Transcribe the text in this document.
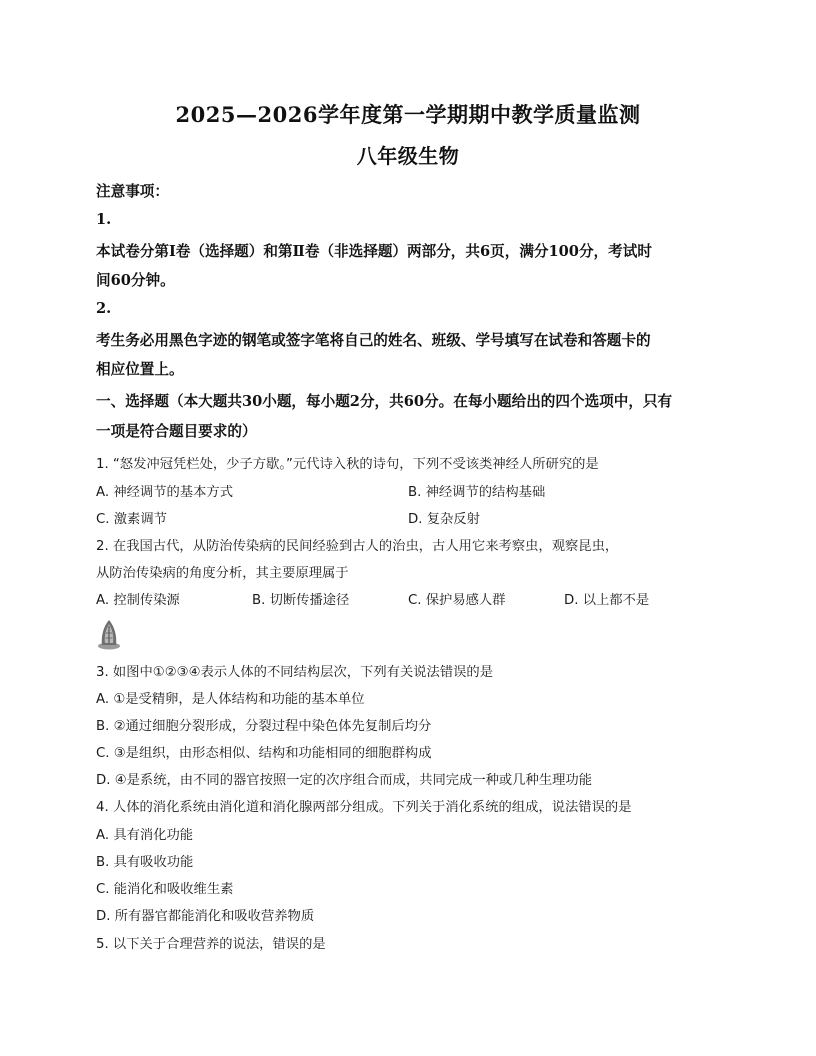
2025—2026学年度第一学期期中教学质量监测
八年级生物
注意事项：
1.
本试卷分第Ⅰ卷（选择题）和第Ⅱ卷（非选择题）两部分，共6页，满分100分，考试时
间60分钟。
2.
考生务必用黑色字迹的钢笔或签字笔将自己的姓名、班级、学号填写在试卷和答题卡的
相应位置上。
一、选择题（本大题共30小题，每小题2分，共60分。在每小题给出的四个选项中，只有
一项是符合题目要求的）
1. “怒发冲冠凭栏处，少子方歇。”元代诗入秋的诗句，下列不受该类神经人所研究的是
A. 神经调节的基本方式	B. 神经调节的结构基础
C. 激素调节	D. 复杂反射
2. 在我国古代，从防治传染病的民间经验到古人的治虫，古人用它来考察虫，观察昆虫，
从防治传染病的角度分析，其主要原理属于
A. 控制传染源	B. 切断传播途径	C. 保护易感人群	D. 以上都不是
3. 如图中①②③④表示人体的不同结构层次，下列有关说法错误的是
A. ①是受精卵，是人体结构和功能的基本单位
B. ②通过细胞分裂形成，分裂过程中染色体先复制后均分
C. ③是组织，由形态相似、结构和功能相同的细胞群构成
D. ④是系统，由不同的器官按照一定的次序组合而成，共同完成一种或几种生理功能
4. 人体的消化系统由消化道和消化腺两部分组成。下列关于消化系统的组成，说法错误的是
A. 具有消化功能
B. 具有吸收功能
C. 能消化和吸收维生素
D. 所有器官都能消化和吸收营养物质
5. 以下关于合理营养的说法，错误的是
